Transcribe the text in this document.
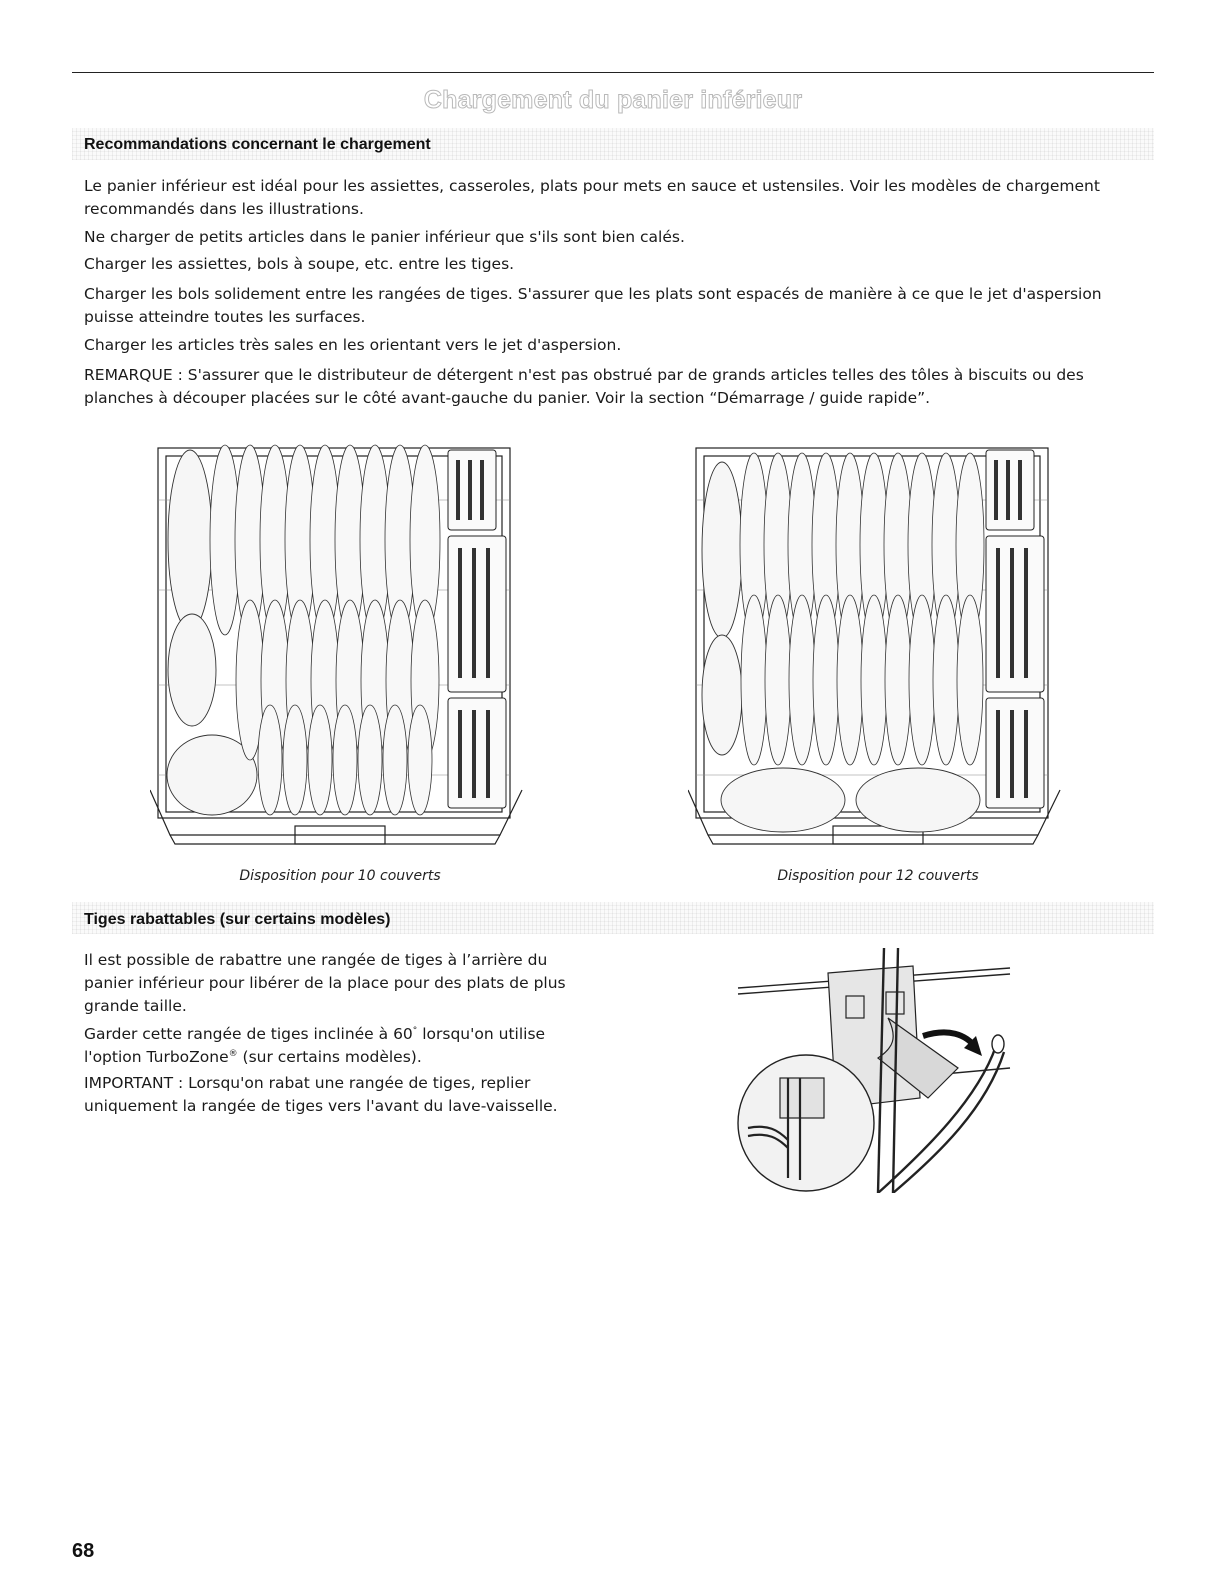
Chargement du panier inférieur
Recommandations concernant le chargement

Le panier inférieur est idéal pour les assiettes, casseroles, plats pour mets en sauce et ustensiles. Voir les modèles de chargement recommandés dans les illustrations.

Ne charger de petits articles dans le panier inférieur que s'ils sont bien calés.

Charger les assiettes, bols à soupe, etc. entre les tiges.

Charger les bols solidement entre les rangées de tiges. S'assurer que les plats sont espacés de manière à ce que le jet d'aspersion puisse atteindre toutes les surfaces.

Charger les articles très sales en les orientant vers le jet d'aspersion.

REMARQUE : S'assurer que le distributeur de détergent n'est pas obstrué par de grands articles telles des tôles à biscuits ou des planches à découper placées sur le côté avant-gauche du panier. Voir la section “Démarrage / guide rapide”.

Disposition pour 10 couverts	Disposition pour 12 couverts

Tiges rabattables (sur certains modèles)

Il est possible de rabattre une rangée de tiges à l’arrière du panier inférieur pour libérer de la place pour des plats de plus grande taille.

Garder cette rangée de tiges inclinée à 60° lorsqu'on utilise l'option TurboZone® (sur certains modèles).

IMPORTANT : Lorsqu'on rabat une rangée de tiges, replier uniquement la rangée de tiges vers l'avant du lave-vaisselle.

68
